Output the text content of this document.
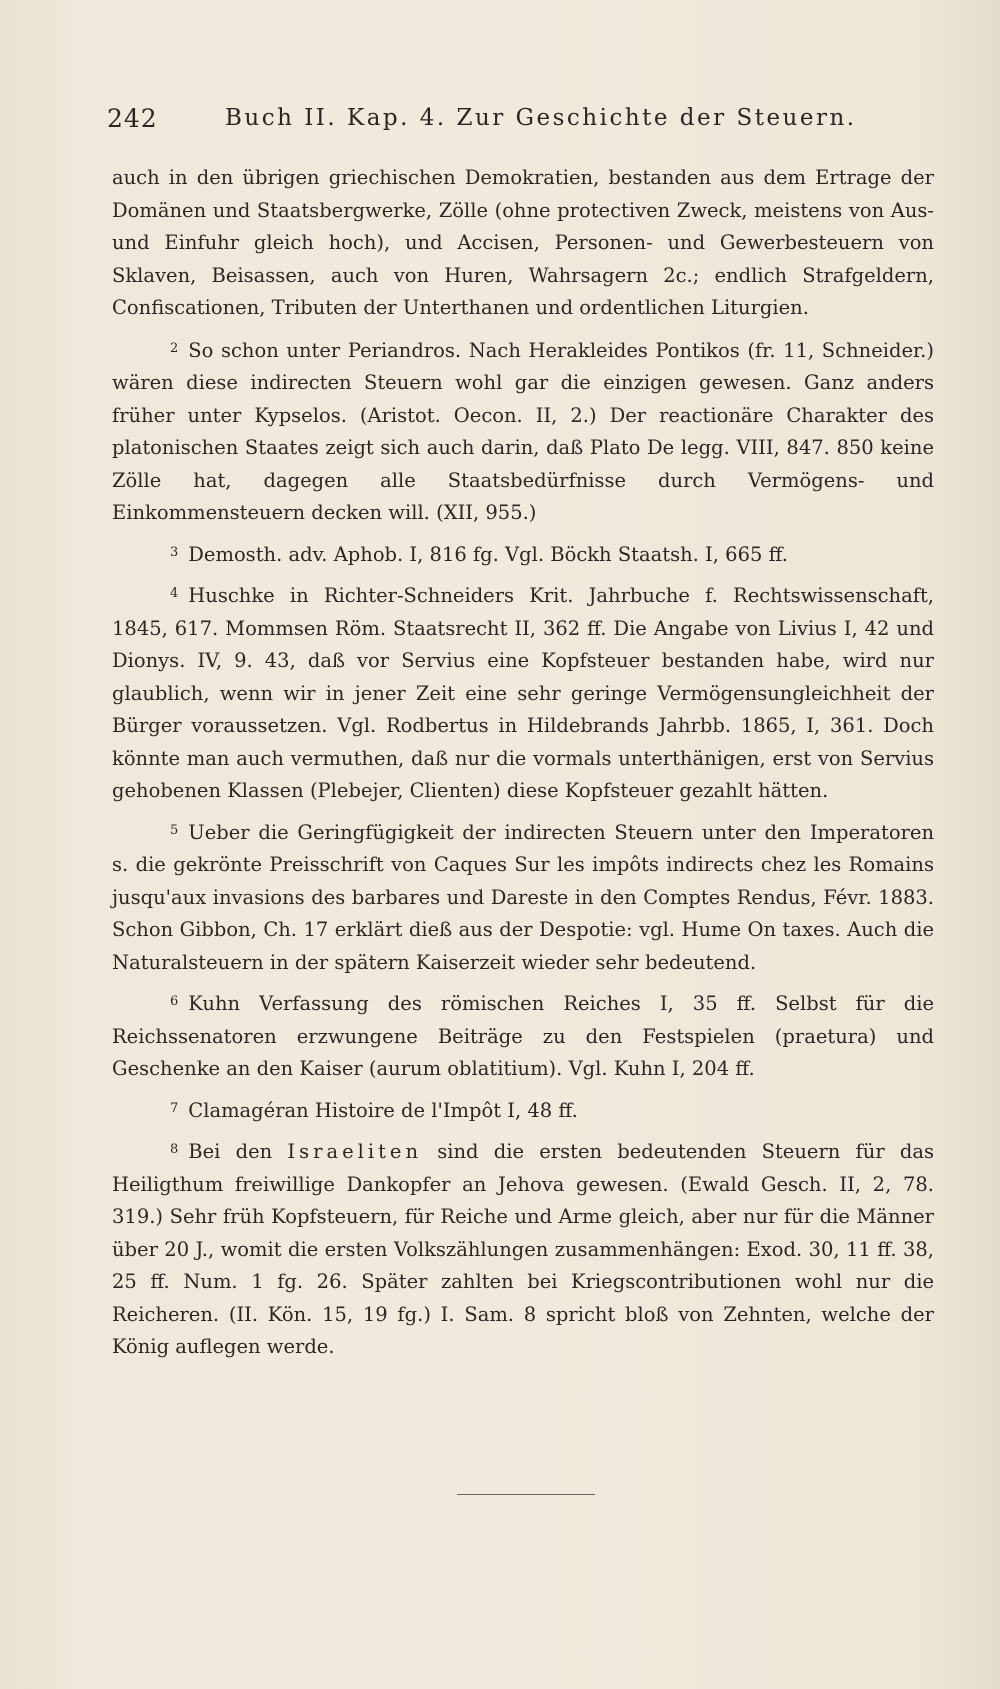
242	Buch II. Kap. 4. Zur Geschichte der Steuern.

auch in den übrigen griechischen Demokratien, bestanden aus dem Ertrage der Domänen und Staatsbergwerke, Zölle (ohne protectiven Zweck, meistens von Aus- und Einfuhr gleich hoch), und Accisen, Personen- und Gewerbesteuern von Sklaven, Beisassen, auch von Huren, Wahrsagern 2c.; endlich Strafgeldern, Confiscationen, Tributen der Unterthanen und ordentlichen Liturgien.

$^2$ So schon unter Periandros. Nach Herakleides Pontikos (fr. 11, Schneider.) wären diese indirecten Steuern wohl gar die einzigen gewesen. Ganz anders früher unter Kypselos. (Aristot. Oecon. II, 2.) Der reactionäre Charakter des platonischen Staates zeigt sich auch darin, daß Plato De legg. VIII, 847. 850 keine Zölle hat, dagegen alle Staatsbedürfnisse durch Vermögens- und Einkommensteuern decken will. (XII, 955.)

$^3$ Demosth. adv. Aphob. I, 816 fg. Vgl. Böckh Staatsh. I, 665 ff.

$^4$ Huschke in Richter-Schneiders Krit. Jahrbuche f. Rechtswissenschaft, 1845, 617. Mommsen Röm. Staatsrecht II, 362 ff. Die Angabe von Livius I, 42 und Dionys. IV, 9. 43, daß vor Servius eine Kopfsteuer bestanden habe, wird nur glaublich, wenn wir in jener Zeit eine sehr geringe Vermögensungleichheit der Bürger voraussetzen. Vgl. Rodbertus in Hildebrands Jahrbb. 1865, I, 361. Doch könnte man auch vermuthen, daß nur die vormals unterthänigen, erst von Servius gehobenen Klassen (Plebejer, Clienten) diese Kopfsteuer gezahlt hätten.

$^5$ Ueber die Geringfügigkeit der indirecten Steuern unter den Imperatoren s. die gekrönte Preisschrift von Caques Sur les impôts indirects chez les Romains jusqu'aux invasions des barbares und Dareste in den Comptes Rendus, Févr. 1883. Schon Gibbon, Ch. 17 erklärt dieß aus der Despotie: vgl. Hume On taxes. Auch die Naturalsteuern in der spätern Kaiserzeit wieder sehr bedeutend.

$^6$ Kuhn Verfassung des römischen Reiches I, 35 ff. Selbst für die Reichssenatoren erzwungene Beiträge zu den Festspielen (praetura) und Geschenke an den Kaiser (aurum oblatitium). Vgl. Kuhn I, 204 ff.

$^7$ Clamagéran Histoire de l'Impôt I, 48 ff.

$^8$ Bei den Israeliten sind die ersten bedeutenden Steuern für das Heiligthum freiwillige Dankopfer an Jehova gewesen. (Ewald Gesch. II, 2, 78. 319.) Sehr früh Kopfsteuern, für Reiche und Arme gleich, aber nur für die Männer über 20 J., womit die ersten Volkszählungen zusammenhängen: Exod. 30, 11 ff. 38, 25 ff. Num. 1 fg. 26. Später zahlten bei Kriegscontributionen wohl nur die Reicheren. (II. Kön. 15, 19 fg.) I. Sam. 8 spricht bloß von Zehnten, welche der König auflegen werde.
